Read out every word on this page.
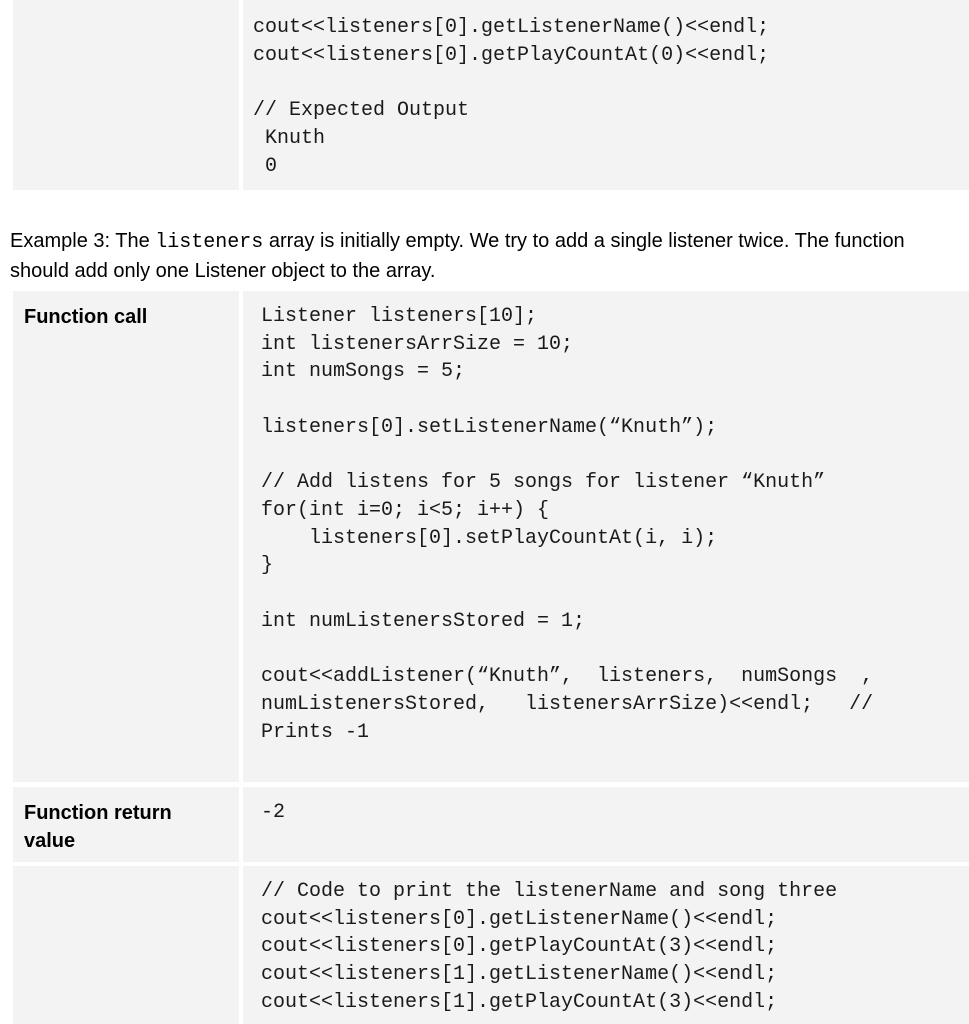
cout<<listeners[0].getListenerName()<<endl;
cout<<listeners[0].getPlayCountAt(0)<<endl;

// Expected Output
Knuth
0
Example 3: The listeners array is initially empty. We try to add a single listener twice. The function should add only one Listener object to the array.
Function call	Listener listeners[10];
int listenersArrSize = 10;
int numSongs = 5;

listeners[0].setListenerName(“Knuth”);

// Add listens for 5 songs for listener “Knuth”
for(int i=0; i<5; i++) {
listeners[0].setPlayCountAt(i, i);
}

int numListenersStored = 1;

cout<<addListener(“Knuth”,  listeners,  numSongs  ,
numListenersStored,   listenersArrSize)<<endl;   //
Prints -1
Function return value
-2
// Code to print the listenerName and song three
cout<<listeners[0].getListenerName()<<endl;
cout<<listeners[0].getPlayCountAt(3)<<endl;
cout<<listeners[1].getListenerName()<<endl;
cout<<listeners[1].getPlayCountAt(3)<<endl;
